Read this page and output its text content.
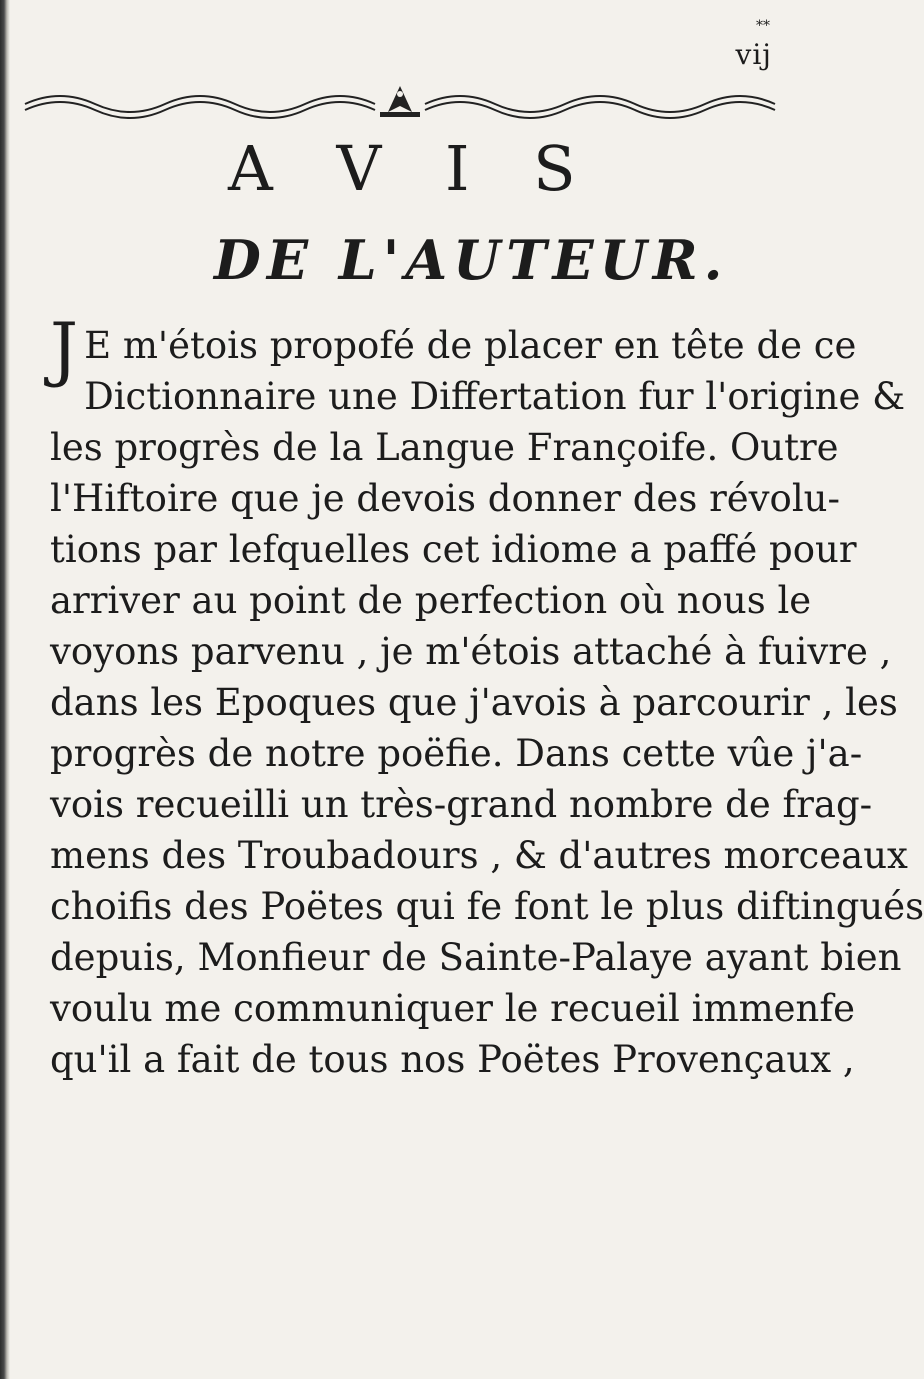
**
vij
A V I S
DE L'AUTEUR.
J E m'étois propofé de placer en tête de ce
Dictionnaire une Differtation fur l'origine &
les progrès de la Langue Françoife. Outre
l'Hiftoire que je devois donner des révolu-
tions par lefquelles cet idiome a paffé pour
arriver au point de perfection où nous le
voyons parvenu , je m'étois attaché à fuivre ,
dans les Epoques que j'avois à parcourir , les
progrès de notre poëfie. Dans cette vûe j'a-
vois recueilli un très-grand nombre de frag-
mens des Troubadours , & d'autres morceaux
choifis des Poëtes qui fe font le plus diftingués
depuis, Monfieur de Sainte-Palaye ayant bien
voulu me communiquer le recueil immenfe
qu'il a fait de tous nos Poëtes Provençaux ,
